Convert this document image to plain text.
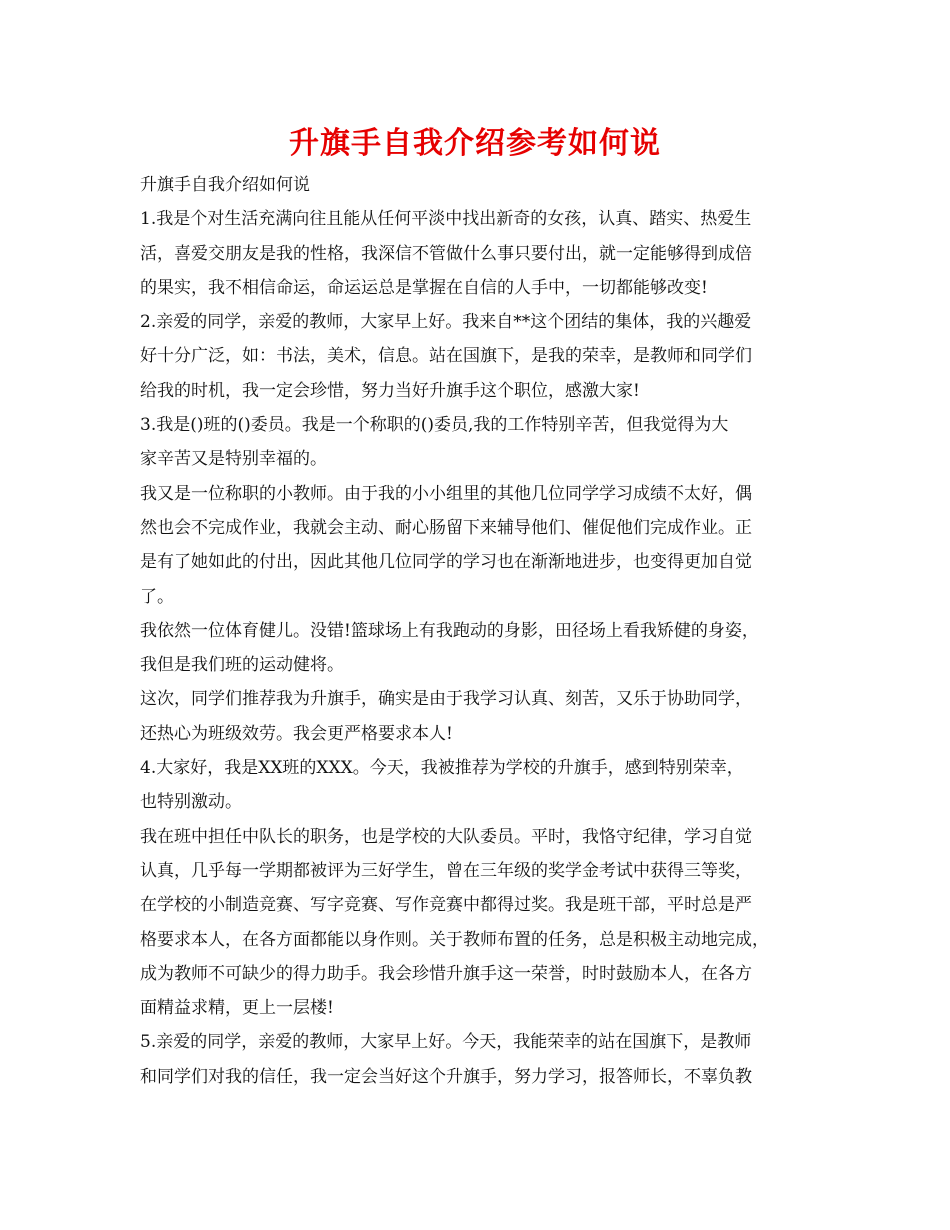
升旗手自我介绍参考如何说
升旗手自我介绍如何说
1.我是个对生活充满向往且能从任何平淡中找出新奇的女孩，认真、踏实、热爱生
活，喜爱交朋友是我的性格，我深信不管做什么事只要付出，就一定能够得到成倍
的果实，我不相信命运，命运运总是掌握在自信的人手中，一切都能够改变!
2.亲爱的同学，亲爱的教师，大家早上好。我来自**这个团结的集体，我的兴趣爱
好十分广泛，如：书法，美术，信息。站在国旗下，是我的荣幸，是教师和同学们
给我的时机，我一定会珍惜，努力当好升旗手这个职位，感激大家!
3.我是()班的()委员。我是一个称职的()委员,我的工作特别辛苦，但我觉得为大
家辛苦又是特别幸福的。
我又是一位称职的小教师。由于我的小小组里的其他几位同学学习成绩不太好，偶
然也会不完成作业，我就会主动、耐心肠留下来辅导他们、催促他们完成作业。正
是有了她如此的付出，因此其他几位同学的学习也在渐渐地进步，也变得更加自觉
了。
我依然一位体育健儿。没错!篮球场上有我跑动的身影，田径场上看我矫健的身姿，
我但是我们班的运动健将。
这次，同学们推荐我为升旗手，确实是由于我学习认真、刻苦，又乐于协助同学，
还热心为班级效劳。我会更严格要求本人!
4.大家好，我是XX班的XXX。今天，我被推荐为学校的升旗手，感到特别荣幸，
也特别激动。
我在班中担任中队长的职务，也是学校的大队委员。平时，我恪守纪律，学习自觉
认真，几乎每一学期都被评为三好学生，曾在三年级的奖学金考试中获得三等奖，
在学校的小制造竞赛、写字竞赛、写作竞赛中都得过奖。我是班干部，平时总是严
格要求本人，在各方面都能以身作则。关于教师布置的任务，总是积极主动地完成，
成为教师不可缺少的得力助手。我会珍惜升旗手这一荣誉，时时鼓励本人，在各方
面精益求精，更上一层楼!
5.亲爱的同学，亲爱的教师，大家早上好。今天，我能荣幸的站在国旗下，是教师
和同学们对我的信任，我一定会当好这个升旗手，努力学习，报答师长，不辜负教
